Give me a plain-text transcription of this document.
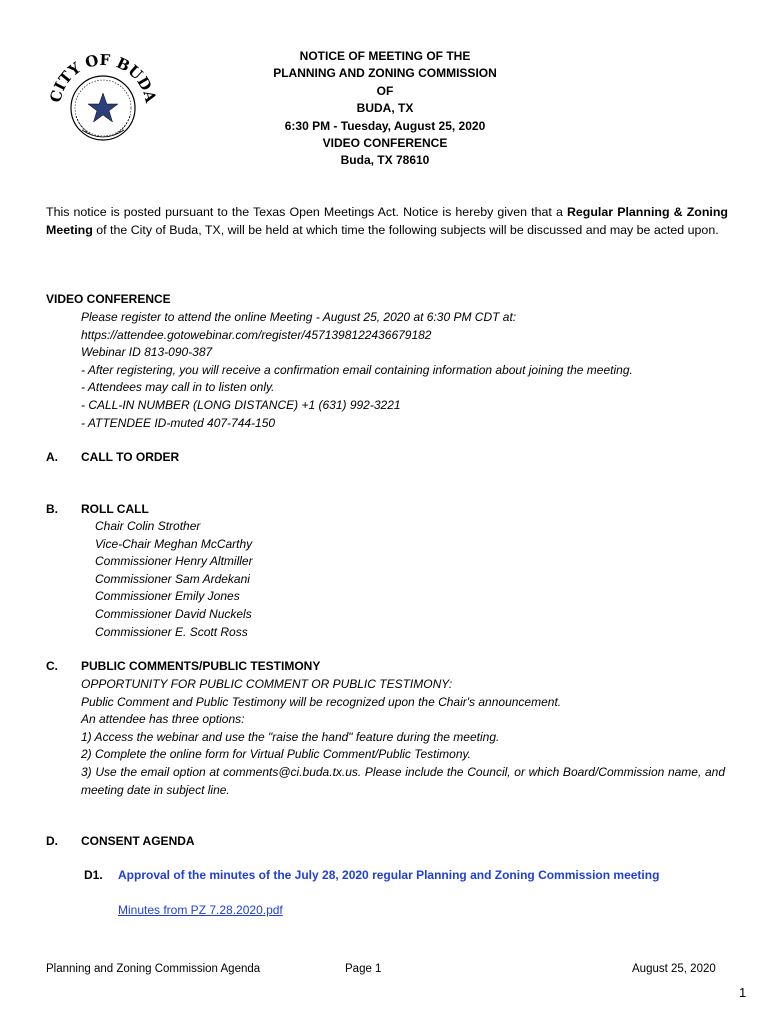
CITY OF BUDA
NOTICE OF MEETING OF THE
PLANNING AND ZONING COMMISSION
OF
BUDA, TX
6:30 PM - Tuesday, August 25, 2020
VIDEO CONFERENCE
Buda, TX 78610
This notice is posted pursuant to the Texas Open Meetings Act. Notice is hereby given that a Regular Planning & Zoning Meeting of the City of Buda, TX, will be held at which time the following subjects will be discussed and may be acted upon.
VIDEO CONFERENCE
Please register to attend the online Meeting - August 25, 2020 at 6:30 PM CDT at:
https://attendee.gotowebinar.com/register/4571398122436679182
Webinar ID 813-090-387
- After registering, you will receive a confirmation email containing information about joining the meeting.
- Attendees may call in to listen only.
- CALL-IN NUMBER (LONG DISTANCE) +1 (631) 992-3221
- ATTENDEE ID-muted 407-744-150
A. CALL TO ORDER
B. ROLL CALL
Chair Colin Strother
Vice-Chair Meghan McCarthy
Commissioner Henry Altmiller
Commissioner Sam Ardekani
Commissioner Emily Jones
Commissioner David Nuckels
Commissioner E. Scott Ross
C. PUBLIC COMMENTS/PUBLIC TESTIMONY
OPPORTUNITY FOR PUBLIC COMMENT OR PUBLIC TESTIMONY:
Public Comment and Public Testimony will be recognized upon the Chair's announcement.
An attendee has three options:
1) Access the webinar and use the "raise the hand" feature during the meeting.
2) Complete the online form for Virtual Public Comment/Public Testimony.
3) Use the email option at comments@ci.buda.tx.us. Please include the Council, or which Board/Commission name, and meeting date in subject line.
D. CONSENT AGENDA
D1. Approval of the minutes of the July 28, 2020 regular Planning and Zoning Commission meeting
Minutes from PZ 7.28.2020.pdf
Planning and Zoning Commission Agenda	Page 1	August 25, 2020
1
